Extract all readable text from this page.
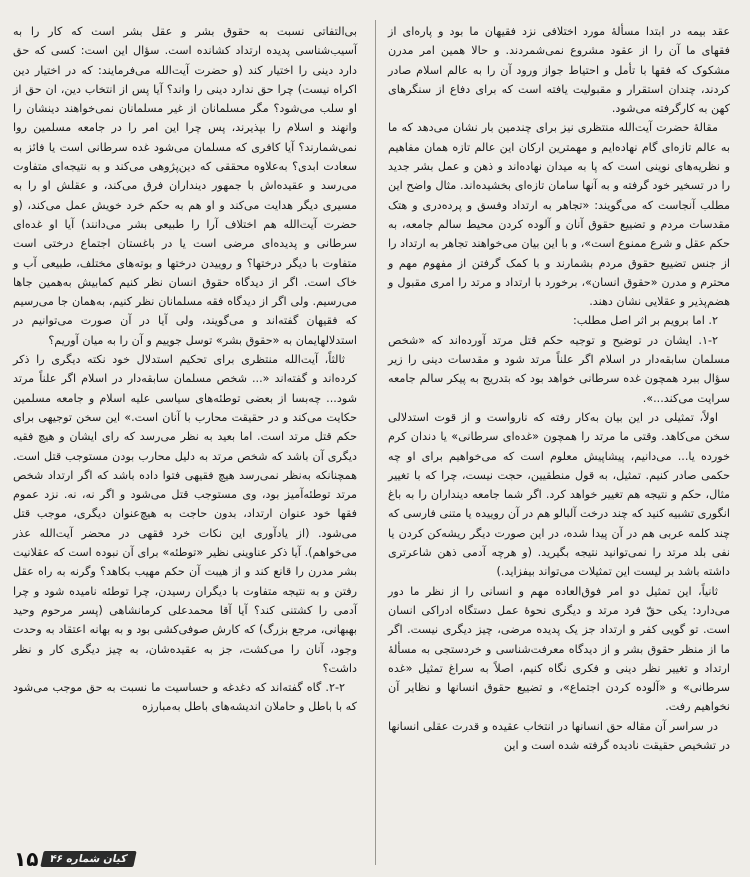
عقد بیمه در ابتدا مسألهٔ مورد اختلافی نزد فقیهان ما بود و پاره‌ای از فقهای ما آن را از عقود مشروع نمی‌شمردند. و حالا همین امر مدرن مشکوک که فقها با تأمل و احتیاط جواز ورود آن را به عالم اسلام صادر کردند، چندان استقرار و مقبولیت یافته است که برای دفاع از سنگرهای کهن به کارگرفته می‌شود.

مقالهٔ حضرت آیت‌الله منتظری نیز برای چندمین بار نشان می‌دهد که ما به عالم تازه‌ای گام نهاده‌ایم و مهمترین ارکان این عالم تازه همان مفاهیم و نظریه‌های نوینی است که پا به میدان نهاده‌اند و ذهن و عمل بشر جدید را در تسخیر خود گرفته و به آنها سامان تازه‌ای بخشیده‌اند. مثال واضح این مطلب آنجاست که می‌گویند: «تجاهر به ارتداد وفسق و پرده‌دری و هتک مقدسات مردم و تضییع حقوق آنان و آلوده کردن محیط سالم جامعه، به حکم عقل و شرع ممنوع است»، و با این بیان می‌خواهند تجاهر به ارتداد را از جنس تضییع حقوق مردم بشمارند و با کمک گرفتن از مفهوم مهم و محترم و مدرن «حقوق انسان»، برخورد با ارتداد و مرتد را امری مقبول و هضم‌پذیر و عقلایی نشان دهند.

۲. اما برویم بر اثر اصل مطلب:

۱-۲. ایشان در توضیح و توجیه حکم قتل مرتد آورده‌اند که «شخص مسلمان سابقه‌دار در اسلام اگر علناً مرتد شود و مقدسات دینی را زیر سؤال ببرد همچون غده سرطانی خواهد بود که بتدریج به پیکر سالم جامعه سرایت می‌کند...».

اولاً، تمثیلی در این بیان به‌کار رفته که نارواست و از قوت استدلالی سخن می‌کاهد. وقتی ما مرتد را همچون «غده‌ای سرطانی» یا دندان کرم خورده یا... می‌دانیم، پیشاپیش معلوم است که می‌خواهیم برای او چه حکمی صادر کنیم. تمثیل، به قول منطقیین، حجت نیست، چرا که با تغییر مثال، حکم و نتیجه هم تغییر خواهد کرد. اگر شما جامعه دینداران را به باغ انگوری تشبیه کنید که چند درخت آلبالو هم در آن روییده یا متنی فارسی که چند کلمه عربی هم در آن پیدا شده، در این صورت دیگر ریشه‌کن کردن یا نفی بلد مرتد را نمی‌توانید نتیجه بگیرید. (و هرچه آدمی ذهن شاعرتری داشته باشد بر لیست این تمثیلات می‌تواند بیفزاید.)

ثانیاً، این تمثیل دو امر فوق‌العاده مهم و انسانی را از نظر ما دور می‌دارد: یکی حقّ فرد مرتد و دیگری نحوهٔ عمل دستگاه ادراکی انسان است. تو گویی کفر و ارتداد جز یک پدیده مرضی، چیز دیگری نیست. اگر ما از منظر حقوق بشر و از دیدگاه معرفت‌شناسی و خردستجی به مسألهٔ ارتداد و تغییر نظر دینی و فکری نگاه کنیم، اصلاً به سراغ تمثیل «غده سرطانی» و «آلوده کردن اجتماع»، و تضییع حقوق انسانها و نظایر آن نخواهیم رفت.

در سراسر آن مقاله حق انسانها در انتخاب عقیده و قدرت عقلی انسانها در تشخیص حقیقت نادیده گرفته شده است و این

بی‌التفاتی نسبت به حقوق بشر و عقل بشر است که کار را به آسیب‌شناسی پدیده ارتداد کشانده است. سؤال این است: کسی که حق دارد دینی را اختیار کند (و حضرت آیت‌الله می‌فرمایند: که در اختیار دین اکراه نیست) چرا حق ندارد دینی را واند؟ آیا پس از انتخاب دین، ان حق از او سلب می‌شود؟ مگر مسلمانان از غیر مسلمانان نمی‌خواهند دینشان را وانهند و اسلام را بپذیرند، پس چرا این امر را در جامعه مسلمین روا نمی‌شمارند؟ آیا کافری که مسلمان می‌شود غده سرطانی است یا فائز به سعادت ابدی؟ به‌علاوه محققی که دین‌پژوهی می‌کند و به نتیجه‌ای متفاوت می‌رسد و عقیده‌اش با جمهور دینداران فرق می‌کند، و عقلش او را به مسیری دیگر هدایت می‌کند و او هم به حکم خرد خویش عمل می‌کند، (و حضرت آیت‌الله هم اختلاف آرا را طبیعی بشر می‌دانند) آیا او غده‌ای سرطانی و پدیده‌ای مرضی است یا در باغستان اجتماع درختی است متفاوت با دیگر درختها؟ و روییدن درختها و بوته‌های مختلف، طبیعی آب و خاک است. اگر از دیدگاه حقوق انسان نظر کنیم کمابیش به‌همین جاها می‌رسیم. ولی اگر از دیدگاه فقه مسلمانان نظر کنیم، به‌همان جا می‌رسیم که فقیهان گفته‌اند و می‌گویند، ولی آیا در آن صورت می‌توانیم در استدلالهایمان به «حقوق بشر» توسل جوییم و آن را به میان آوریم؟

ثالثاً، آیت‌الله منتظری برای تحکیم استدلال خود نکته دیگری را ذکر کرده‌اند و گفته‌اند «... شخص مسلمان سابقه‌دار در اسلام اگر علناً مرتد شود... چه‌بسا از بعضی توطئه‌های سیاسی علیه اسلام و جامعه مسلمین حکایت می‌کند و در حقیقت محارب با آنان است.» این سخن توجیهی برای حکم قتل مرتد است. اما بعید به نظر می‌رسد که رای ایشان و هیچ فقیه دیگری آن باشد که شخص مرتد به دلیل محارب بودن مستوجب قتل است. همچنانکه به‌نظر نمی‌رسد هیچ فقیهی فتوا داده باشد که اگر ارتداد شخص مرتد توطئه‌آمیز بود، وی مستوجب قتل می‌شود و اگر نه، نه. نزد عموم فقها خود عنوان ارتداد، بدون حاجت به هیچ‌عنوان دیگری، موجب قتل می‌شود. (از یادآوری این نکات خرد فقهی در محضر آیت‌الله عذر می‌خواهم). آیا ذکر عناوینی نظیر «توطئه» برای آن نبوده است که عقلانیت بشر مدرن را قانع کند و از هیبت آن حکم مهیب بکاهد؟ وگرنه به راه عقل رفتن و به نتیجه متفاوت با دیگران رسیدن، چرا توطئه نامیده شود و چرا آدمی را کشتنی کند؟ آیا آقا محمدعلی کرمانشاهی (پسر مرحوم وحید بهبهانی، مرجع بزرگ) که کارش صوفی‌کشی بود و به بهانه اعتقاد به وحدت وجود، آنان را می‌کشت، جز به عقیده‌شان، به چیز دیگری کار و نظر داشت؟

۲-۲. گاه گفته‌اند که دغدغه و حساسیت ما نسبت به حق موجب می‌شود که با باطل و حاملان اندیشه‌های باطل به‌مبارزه

۱۵	کیان شماره ۴۶
